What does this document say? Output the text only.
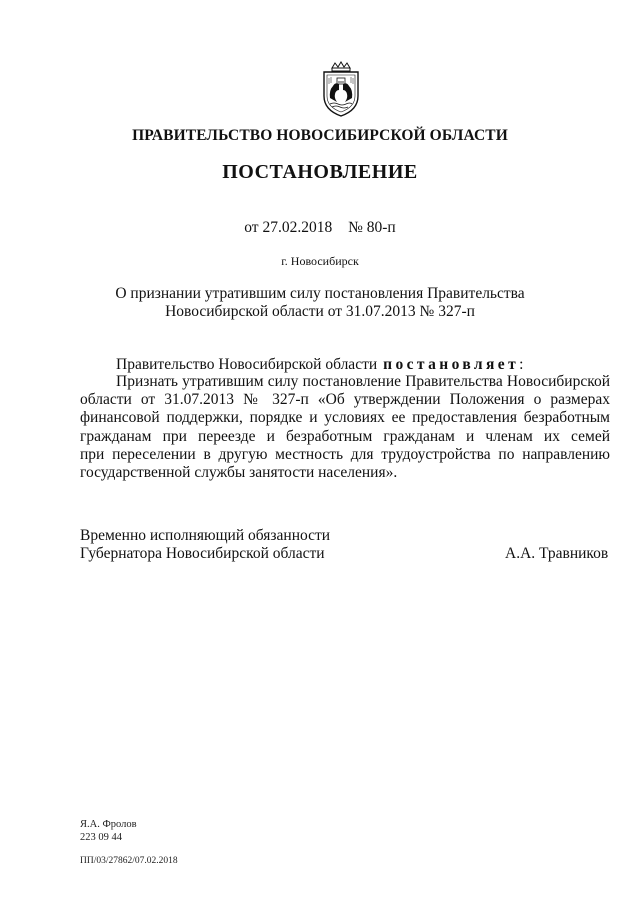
ПРАВИТЕЛЬСТВО НОВОСИБИРСКОЙ ОБЛАСТИ
ПОСТАНОВЛЕНИЕ
от 27.02.2018 № 80-п
г. Новосибирск
О признании утратившим силу постановления Правительства
Новосибирской области от 31.07.2013 № 327-п
Правительство Новосибирской области постановляет:
Признать утратившим силу постановление Правительства Новосибирской
области от 31.07.2013 № 327-п «Об утверждении Положения о размерах
финансовой поддержки, порядке и условиях ее предоставления безработным
гражданам при переезде и безработным гражданам и членам их семей
при переселении в другую местность для трудоустройства по направлению
государственной службы занятости населения».
Временно исполняющий обязанности
Губернатора Новосибирской области	А.А. Травников
Я.А. Фролов
223 09 44
ПП/03/27862/07.02.2018
